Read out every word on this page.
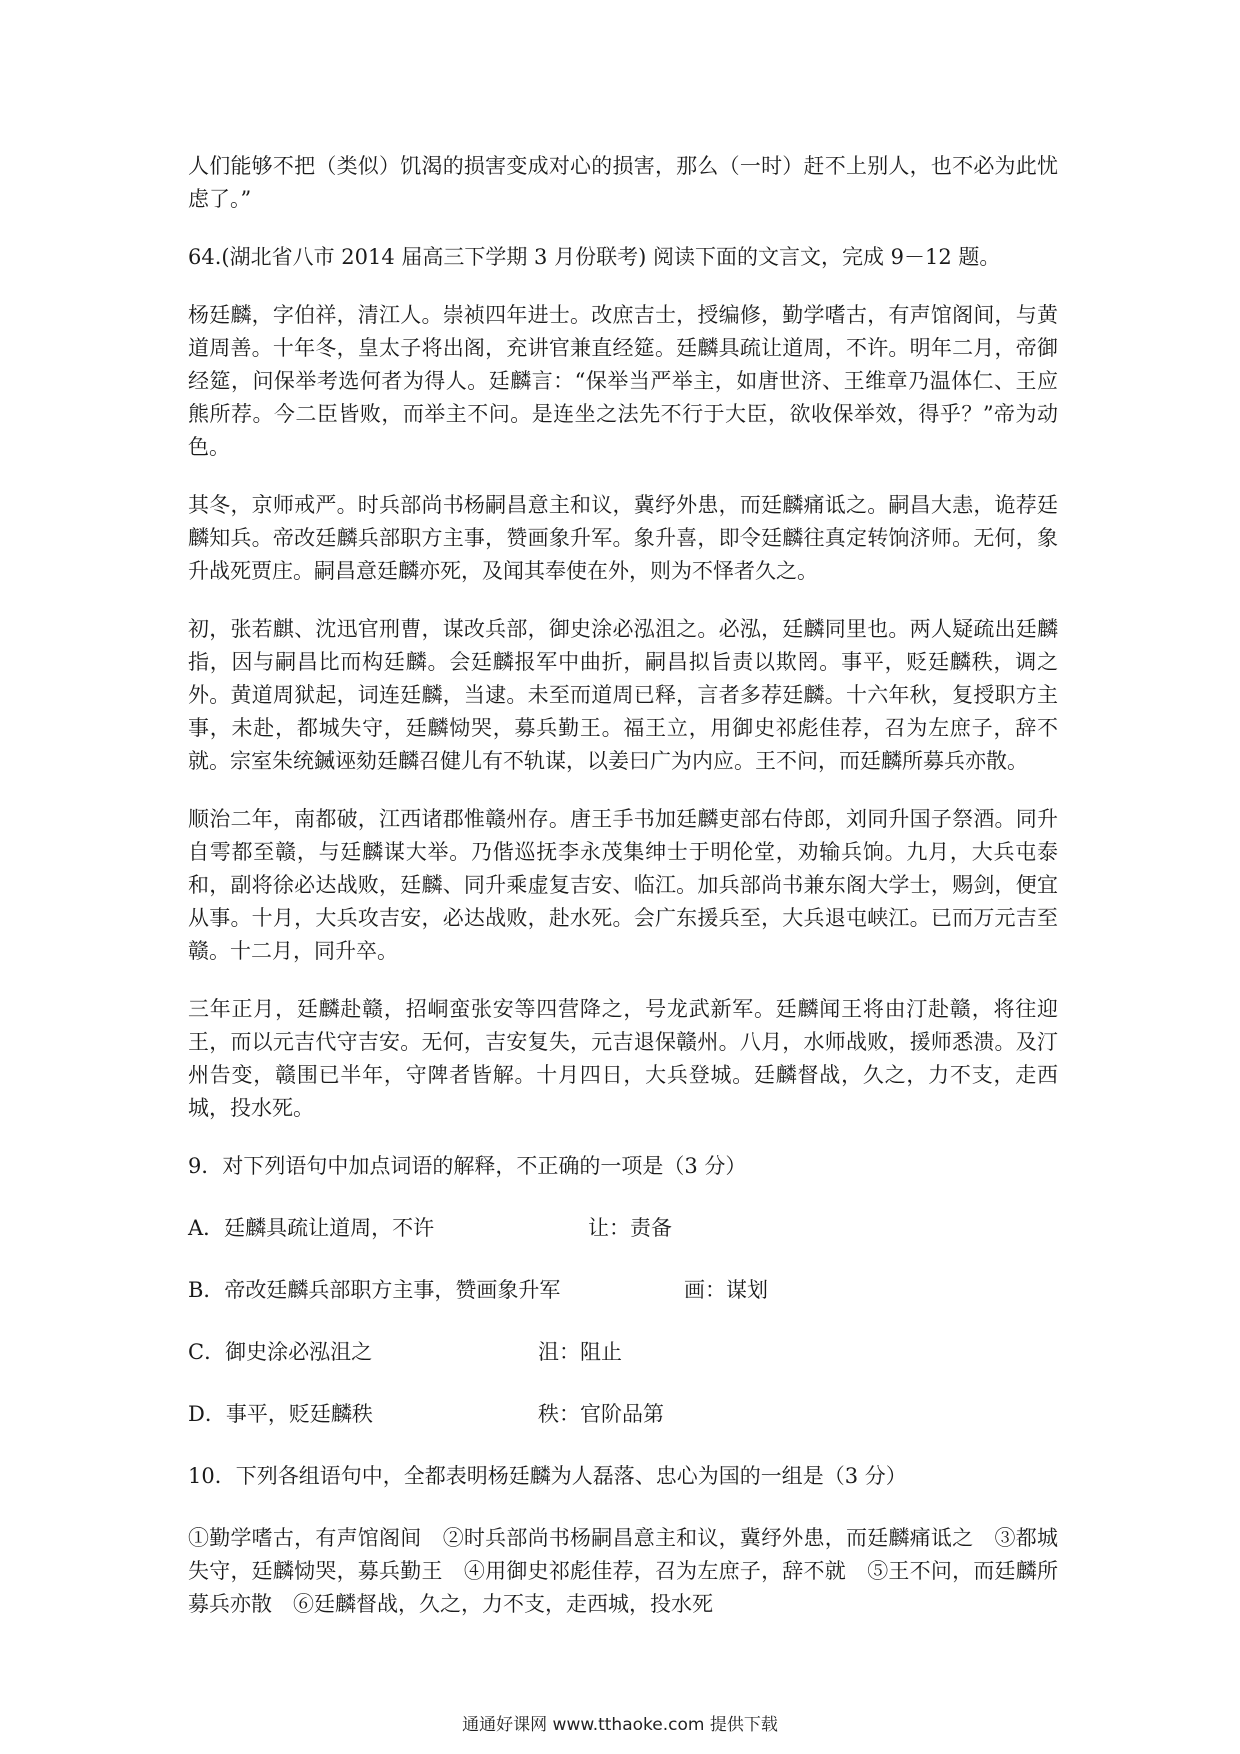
人们能够不把（类似）饥渴的损害变成对心的损害，那么（一时）赶不上别人，也不必为此忧虑了。”

64.(湖北省八市 2014 届高三下学期 3 月份联考) 阅读下面的文言文，完成 9－12 题。

杨廷麟，字伯祥，清江人。崇祯四年进士。改庶吉士，授编修，勤学嗜古，有声馆阁间，与黄道周善。十年冬，皇太子将出阁，充讲官兼直经筵。廷麟具疏让道周，不许。明年二月，帝御经筵，问保举考选何者为得人。廷麟言：“保举当严举主，如唐世济、王维章乃温体仁、王应熊所荐。今二臣皆败，而举主不问。是连坐之法先不行于大臣，欲收保举效，得乎？”帝为动色。

其冬，京师戒严。时兵部尚书杨嗣昌意主和议，冀纾外患，而廷麟痛诋之。嗣昌大恚，诡荐廷麟知兵。帝改廷麟兵部职方主事，赞画象升军。象升喜，即令廷麟往真定转饷济师。无何，象升战死贾庄。嗣昌意廷麟亦死，及闻其奉使在外，则为不怿者久之。

初，张若麒、沈迅官刑曹，谋改兵部，御史涂必泓沮之。必泓，廷麟同里也。两人疑疏出廷麟指，因与嗣昌比而构廷麟。会廷麟报军中曲折，嗣昌拟旨责以欺罔。事平，贬廷麟秩，调之外。黄道周狱起，词连廷麟，当逮。未至而道周已释，言者多荐廷麟。十六年秋，复授职方主事，未赴，都城失守，廷麟恸哭，募兵勤王。福王立，用御史祁彪佳荐，召为左庶子，辞不就。宗室朱统𨩆诬劾廷麟召健儿有不轨谋，以姜曰广为内应。王不问，而廷麟所募兵亦散。

顺治二年，南都破，江西诸郡惟赣州存。唐王手书加廷麟吏部右侍郎，刘同升国子祭酒。同升自雩都至赣，与廷麟谋大举。乃偕巡抚李永茂集绅士于明伦堂，劝输兵饷。九月，大兵屯泰和，副将徐必达战败，廷麟、同升乘虚复吉安、临江。加兵部尚书兼东阁大学士，赐剑，便宜从事。十月，大兵攻吉安，必达战败，赴水死。会广东援兵至，大兵退屯峡江。已而万元吉至赣。十二月，同升卒。

三年正月，廷麟赴赣，招峒蛮张安等四营降之，号龙武新军。廷麟闻王将由汀赴赣，将往迎王，而以元吉代守吉安。无何，吉安复失，元吉退保赣州。八月，水师战败，援师悉溃。及汀州告变，赣围已半年，守陴者皆解。十月四日，大兵登城。廷麟督战，久之，力不支，走西城，投水死。

9．对下列语句中加点词语的解释，不正确的一项是（3 分）

A．廷麟具疏让道周，不许	让：责备
B．帝改廷麟兵部职方主事，赞画象升军	画：谋划
C．御史涂必泓沮之	沮：阻止
D．事平，贬廷麟秩	秩：官阶品第

10．下列各组语句中，全都表明杨廷麟为人磊落、忠心为国的一组是（3 分）

①勤学嗜古，有声馆阁间　②时兵部尚书杨嗣昌意主和议，冀纾外患，而廷麟痛诋之　③都城失守，廷麟恸哭，募兵勤王　④用御史祁彪佳荐，召为左庶子，辞不就　⑤王不问，而廷麟所募兵亦散　⑥廷麟督战，久之，力不支，走西城，投水死

通通好课网 www.tthaoke.com 提供下载
